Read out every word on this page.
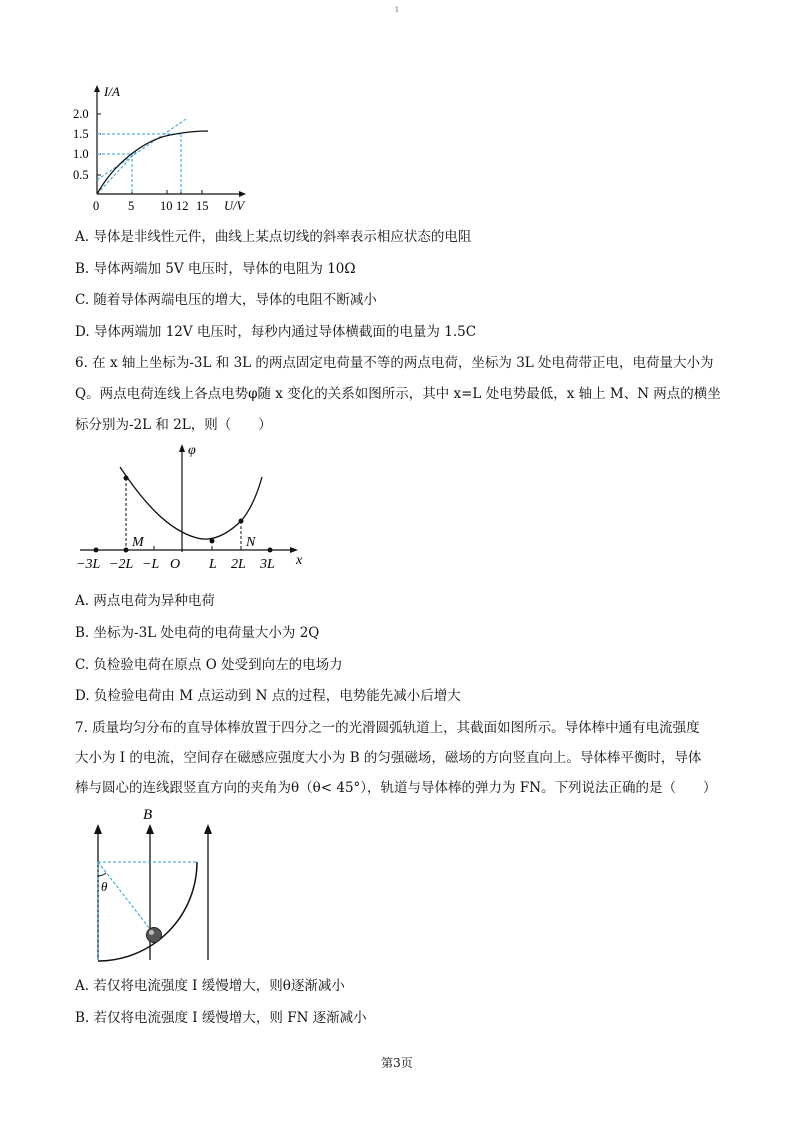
1
I/A
0.5
1.0
1.5
2.0
0 5 10 12 15 U/V
A. 导体是非线性元件，曲线上某点切线的斜率表示相应状态的电阻
B. 导体两端加 5V 电压时，导体的电阻为 10Ω
C. 随着导体两端电压的增大，导体的电阻不断减小
D. 导体两端加 12V 电压时，每秒内通过导体横截面的电量为 1.5C
6. 在 x 轴上坐标为-3L 和 3L 的两点固定电荷量不等的两点电荷，坐标为 3L 处电荷带正电，电荷量大小为
Q。两点电荷连线上各点电势φ随 x 变化的关系如图所示，其中 x=L 处电势最低，x 轴上 M、N 两点的横坐
标分别为-2L 和 2L，则（　　）
φ
x
M	N
−3L −2L −L O L 2L 3L
A. 两点电荷为异种电荷
B. 坐标为-3L 处电荷的电荷量大小为 2Q
C. 负检验电荷在原点 O 处受到向左的电场力
D. 负检验电荷由 M 点运动到 N 点的过程，电势能先减小后增大
7. 质量均匀分布的直导体棒放置于四分之一的光滑圆弧轨道上，其截面如图所示。导体棒中通有电流强度
大小为 I 的电流，空间存在磁感应强度大小为 B 的匀强磁场，磁场的方向竖直向上。导体棒平衡时，导体
棒与圆心的连线跟竖直方向的夹角为θ（θ< 45°），轨道与导体棒的弹力为 FN。下列说法正确的是（　　）
B
θ
A. 若仅将电流强度 I 缓慢增大，则θ逐渐减小
B. 若仅将电流强度 I 缓慢增大，则 FN 逐渐减小
第3页
